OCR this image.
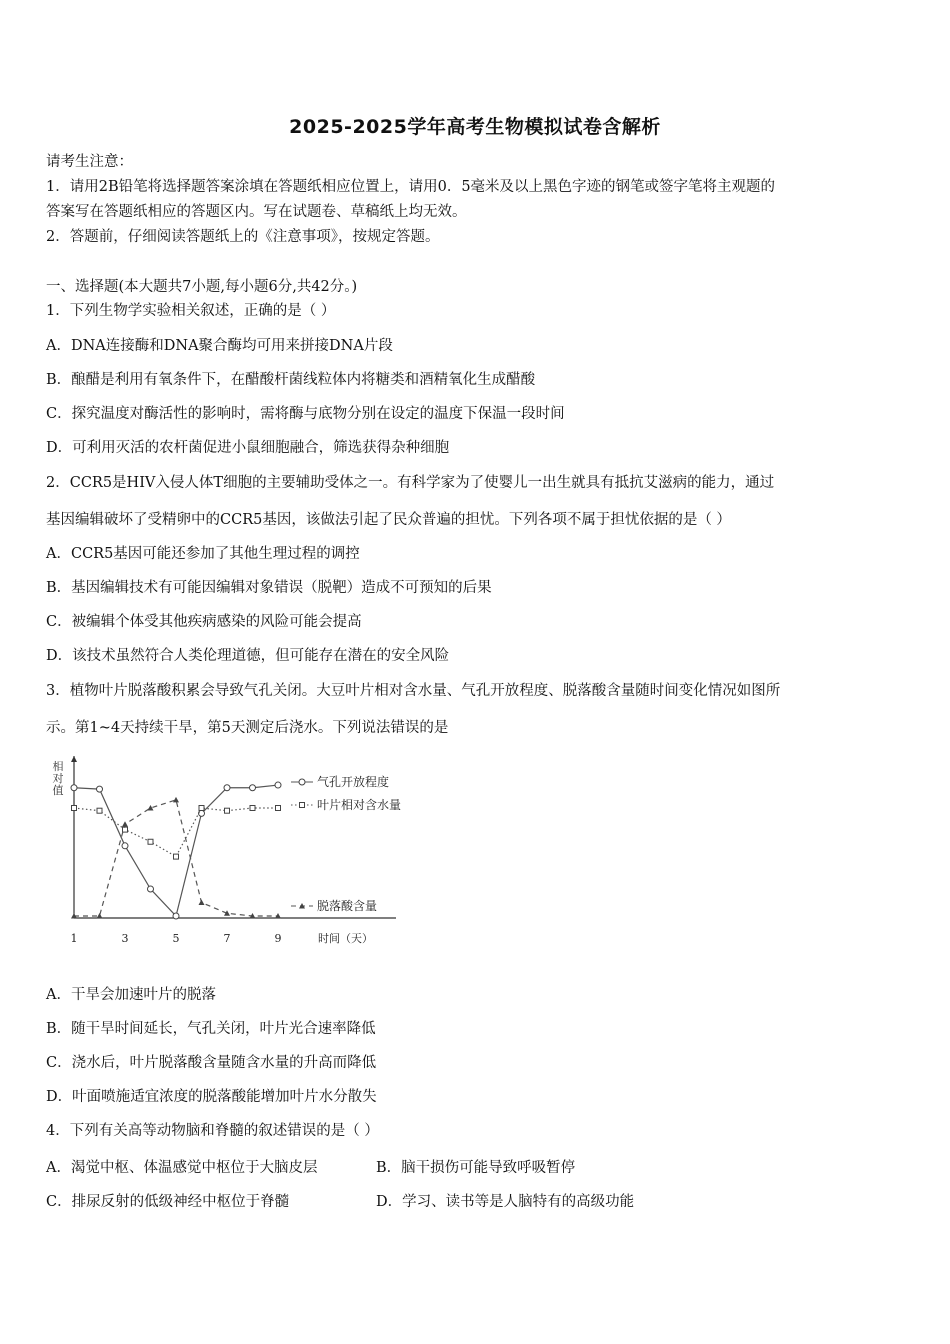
2025-2025学年高考生物模拟试卷含解析
请考生注意：
1．请用2B铅笔将选择题答案涂填在答题纸相应位置上，请用0．5毫米及以上黑色字迹的钢笔或签字笔将主观题的
答案写在答题纸相应的答题区内。写在试题卷、草稿纸上均无效。
2．答题前，仔细阅读答题纸上的《注意事项》，按规定答题。
一、选择题(本大题共7小题,每小题6分,共42分。)
1．下列生物学实验相关叙述，正确的是（ ）
A．DNA连接酶和DNA聚合酶均可用来拼接DNA片段
B．酿醋是利用有氧条件下，在醋酸杆菌线粒体内将糖类和酒精氧化生成醋酸
C．探究温度对酶活性的影响时，需将酶与底物分别在设定的温度下保温一段时间
D．可利用灭活的农杆菌促进小鼠细胞融合，筛选获得杂种细胞
2．CCR5是HIV入侵人体T细胞的主要辅助受体之一。有科学家为了使婴儿一出生就具有抵抗艾滋病的能力，通过
基因编辑破坏了受精卵中的CCR5基因，该做法引起了民众普遍的担忧。下列各项不属于担忧依据的是（ ）
A．CCR5基因可能还参加了其他生理过程的调控
B．基因编辑技术有可能因编辑对象错误（脱靶）造成不可预知的后果
C．被编辑个体受其他疾病感染的风险可能会提高
D．该技术虽然符合人类伦理道德，但可能存在潜在的安全风险
3．植物叶片脱落酸积累会导致气孔关闭。大豆叶片相对含水量、气孔开放程度、脱落酸含量随时间变化情况如图所
示。第1~4天持续干旱，第5天测定后浇水。下列说法错误的是
气孔开放程度
叶片相对含水量
脱落酸含量
相对值
1	3	5	7	9	时间（天）
A．干旱会加速叶片的脱落
B．随干旱时间延长，气孔关闭，叶片光合速率降低
C．浇水后，叶片脱落酸含量随含水量的升高而降低
D．叶面喷施适宜浓度的脱落酸能增加叶片水分散失
4．下列有关高等动物脑和脊髓的叙述错误的是（ ）
A．渴觉中枢、体温感觉中枢位于大脑皮层	B．脑干损伤可能导致呼吸暂停
C．排尿反射的低级神经中枢位于脊髓	D．学习、读书等是人脑特有的高级功能
